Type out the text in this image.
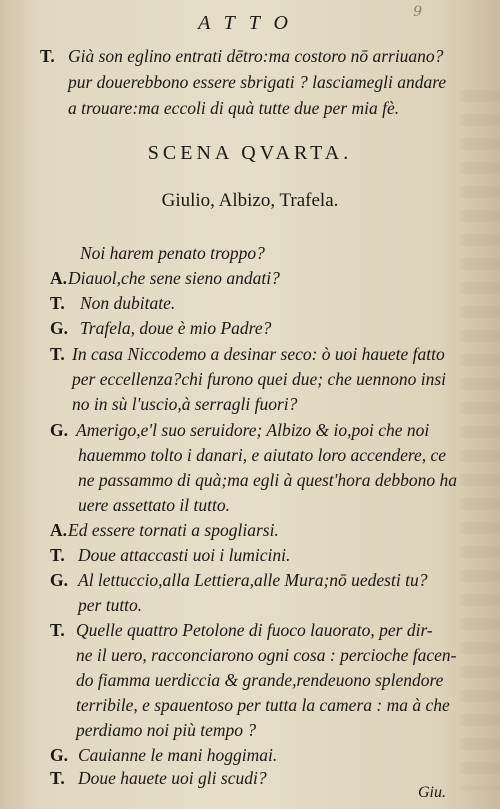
9
ATTO
T. Già son eglino entrati dētro:ma costoro nō arriuano?
pur douerebbono essere sbrigati ? lasciamegli andare
a trouare:ma eccoli di quà tutte due per mia fè.
SCENA QVARTA.
Giulio, Albizo, Trafela.
Noi harem penato troppo?
A.Diauol,che sene sieno andati?
T. Non dubitate.
G. Trafela, doue è mio Padre?
T. In casa Niccodemo a desinar seco: ò uoi hauete fatto
per eccellenza?chi furono quei due; che uennono insi
no in sù l'uscio,à serragli fuori?
G. Amerigo,e'l suo seruidore; Albizo & io,poi che noi
hauemmo tolto i danari, e aiutato loro accendere, ce
ne passammo di quà;ma egli à quest'hora debbono ha
uere assettato il tutto.
A.Ed essere tornati a spogliarsi.
T. Doue attaccasti uoi i lumicini.
G. Al lettuccio,alla Lettiera,alle Mura;nō uedesti tu?
per tutto.
T. Quelle quattro Petolone di fuoco lauorato, per dir-
ne il uero, racconciarono ogni cosa : percioche facen-
do fiamma uerdiccia & grande,rendeuono splendore
terribile, e spauentoso per tutta la camera : ma à che
perdiamo noi più tempo ?
G. Cauianne le mani hoggimai.
T. Doue hauete uoi gli scudi?
Giu.
